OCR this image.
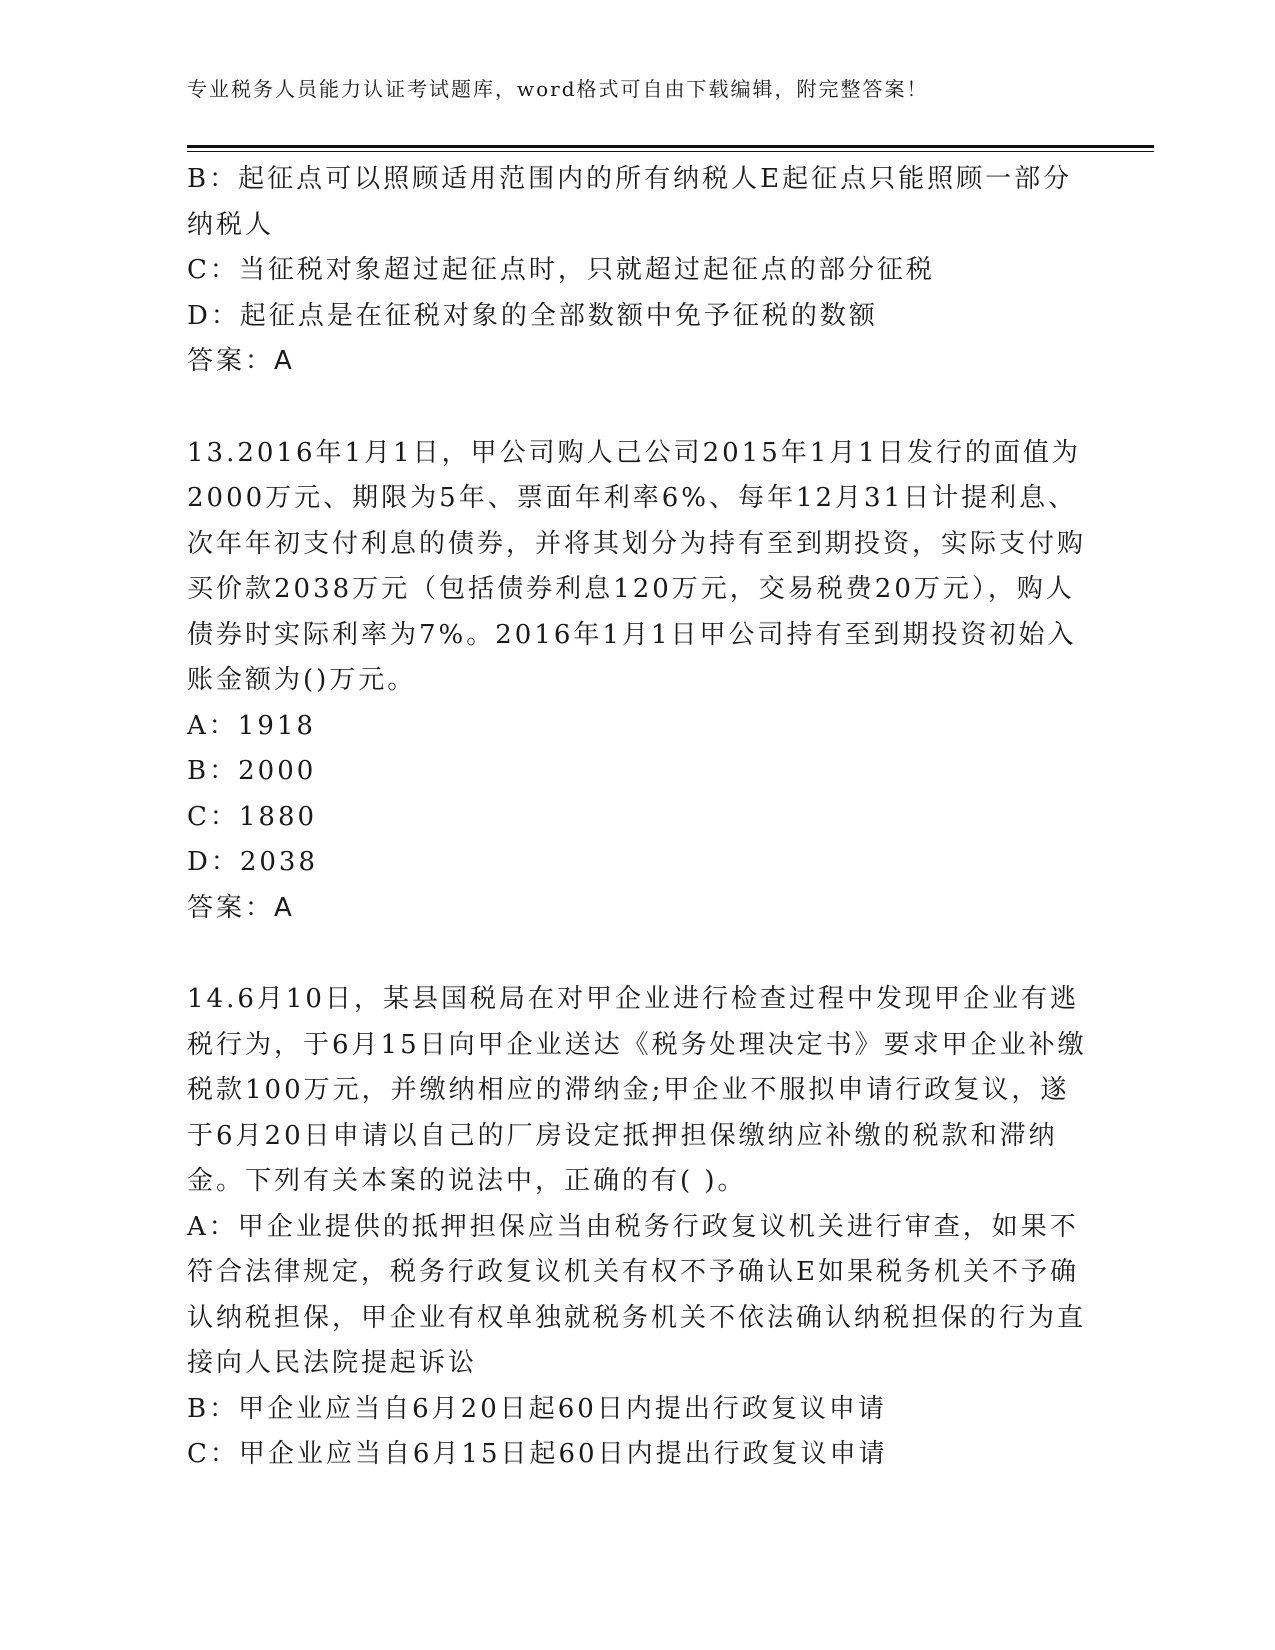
专业税务人员能力认证考试题库，word格式可自由下载编辑，附完整答案！

B：起征点可以照顾适用范围内的所有纳税人E起征点只能照顾一部分纳税人

C：当征税对象超过起征点时，只就超过起征点的部分征税

D：起征点是在征税对象的全部数额中免予征税的数额

答案：A

13.2016年1月1日，甲公司购人己公司2015年1月1日发行的面值为2000万元、期限为5年、票面年利率6%、每年12月31日计提利息、次年年初支付利息的债券，并将其划分为持有至到期投资，实际支付购买价款2038万元（包括债券利息120万元，交易税费20万元），购人债券时实际利率为7%。2016年1月1日甲公司持有至到期投资初始入账金额为()万元。

A：1918

B：2000

C：1880

D：2038

答案：A

14.6月10日，某县国税局在对甲企业进行检查过程中发现甲企业有逃税行为，于6月15日向甲企业送达《税务处理决定书》要求甲企业补缴税款100万元，并缴纳相应的滞纳金;甲企业不服拟申请行政复议，遂于6月20日申请以自己的厂房设定抵押担保缴纳应补缴的税款和滞纳金。下列有关本案的说法中，正确的有( )。

A：甲企业提供的抵押担保应当由税务行政复议机关进行审查，如果不符合法律规定，税务行政复议机关有权不予确认E如果税务机关不予确认纳税担保，甲企业有权单独就税务机关不依法确认纳税担保的行为直接向人民法院提起诉讼

B：甲企业应当自6月20日起60日内提出行政复议申请

C：甲企业应当自6月15日起60日内提出行政复议申请
